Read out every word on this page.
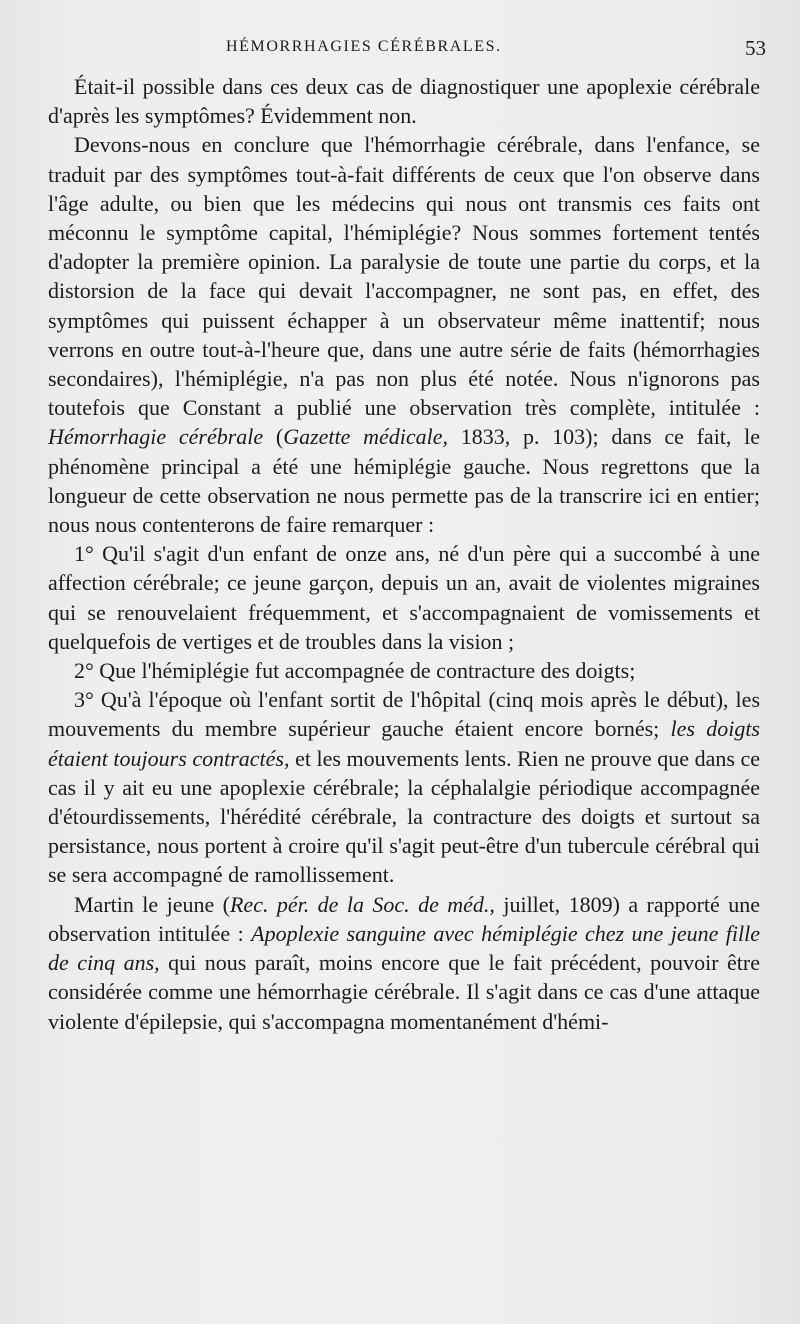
HÉMORRHAGIES CÉRÉBRALES.	53

Était-il possible dans ces deux cas de diagnostiquer une apoplexie cérébrale d'après les symptômes? Évidemment non.

Devons-nous en conclure que l'hémorrhagie cérébrale, dans l'enfance, se traduit par des symptômes tout-à-fait différents de ceux que l'on observe dans l'âge adulte, ou bien que les médecins qui nous ont transmis ces faits ont méconnu le symptôme capital, l'hémiplégie? Nous sommes fortement tentés d'adopter la première opinion. La paralysie de toute une partie du corps, et la distorsion de la face qui devait l'accompagner, ne sont pas, en effet, des symptômes qui puissent échapper à un observateur même inattentif; nous verrons en outre tout-à-l'heure que, dans une autre série de faits (hémorrhagies secondaires), l'hémiplégie, n'a pas non plus été notée. Nous n'ignorons pas toutefois que Constant a publié une observation très complète, intitulée : Hémorrhagie cérébrale (Gazette médicale, 1833, p. 103); dans ce fait, le phénomène principal a été une hémiplégie gauche. Nous regrettons que la longueur de cette observation ne nous permette pas de la transcrire ici en entier; nous nous contenterons de faire remarquer :

1° Qu'il s'agit d'un enfant de onze ans, né d'un père qui a succombé à une affection cérébrale; ce jeune garçon, depuis un an, avait de violentes migraines qui se renouvelaient fréquemment, et s'accompagnaient de vomissements et quelquefois de vertiges et de troubles dans la vision ;

2° Que l'hémiplégie fut accompagnée de contracture des doigts;

3° Qu'à l'époque où l'enfant sortit de l'hôpital (cinq mois après le début), les mouvements du membre supérieur gauche étaient encore bornés; les doigts étaient toujours contractés, et les mouvements lents. Rien ne prouve que dans ce cas il y ait eu une apoplexie cérébrale; la céphalalgie périodique accompagnée d'étourdissements, l'hérédité cérébrale, la contracture des doigts et surtout sa persistance, nous portent à croire qu'il s'agit peut-être d'un tubercule cérébral qui se sera accompagné de ramollissement.

Martin le jeune (Rec. pér. de la Soc. de méd., juillet, 1809) a rapporté une observation intitulée : Apoplexie sanguine avec hémiplégie chez une jeune fille de cinq ans, qui nous paraît, moins encore que le fait précédent, pouvoir être considérée comme une hémorrhagie cérébrale. Il s'agit dans ce cas d'une attaque violente d'épilepsie, qui s'accompagna momentanément d'hémi-
